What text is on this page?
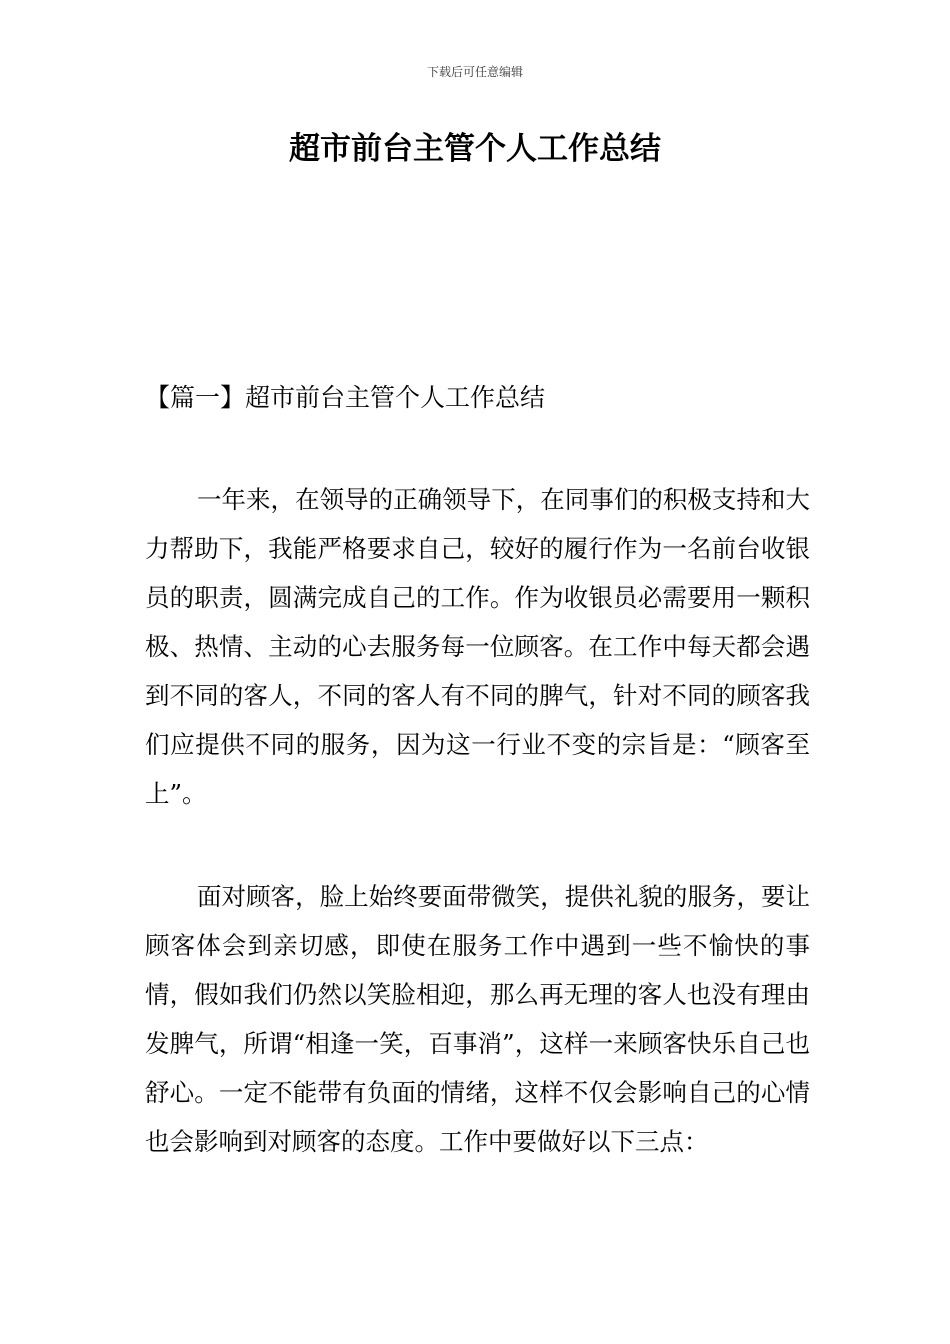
下载后可任意编辑
超市前台主管个人工作总结
【篇一】超市前台主管个人工作总结

一年来，在领导的正确领导下，在同事们的积极支持和大力帮助下，我能严格要求自己，较好的履行作为一名前台收银员的职责，圆满完成自己的工作。作为收银员必需要用一颗积极、热情、主动的心去服务每一位顾客。在工作中每天都会遇到不同的客人，不同的客人有不同的脾气，针对不同的顾客我们应提供不同的服务，因为这一行业不变的宗旨是：“顾客至上”。

面对顾客，脸上始终要面带微笑，提供礼貌的服务，要让顾客体会到亲切感，即使在服务工作中遇到一些不愉快的事情，假如我们仍然以笑脸相迎，那么再无理的客人也没有理由发脾气，所谓“相逢一笑，百事消”，这样一来顾客快乐自己也舒心。一定不能带有负面的情绪，这样不仅会影响自己的心情也会影响到对顾客的态度。工作中要做好以下三点：
